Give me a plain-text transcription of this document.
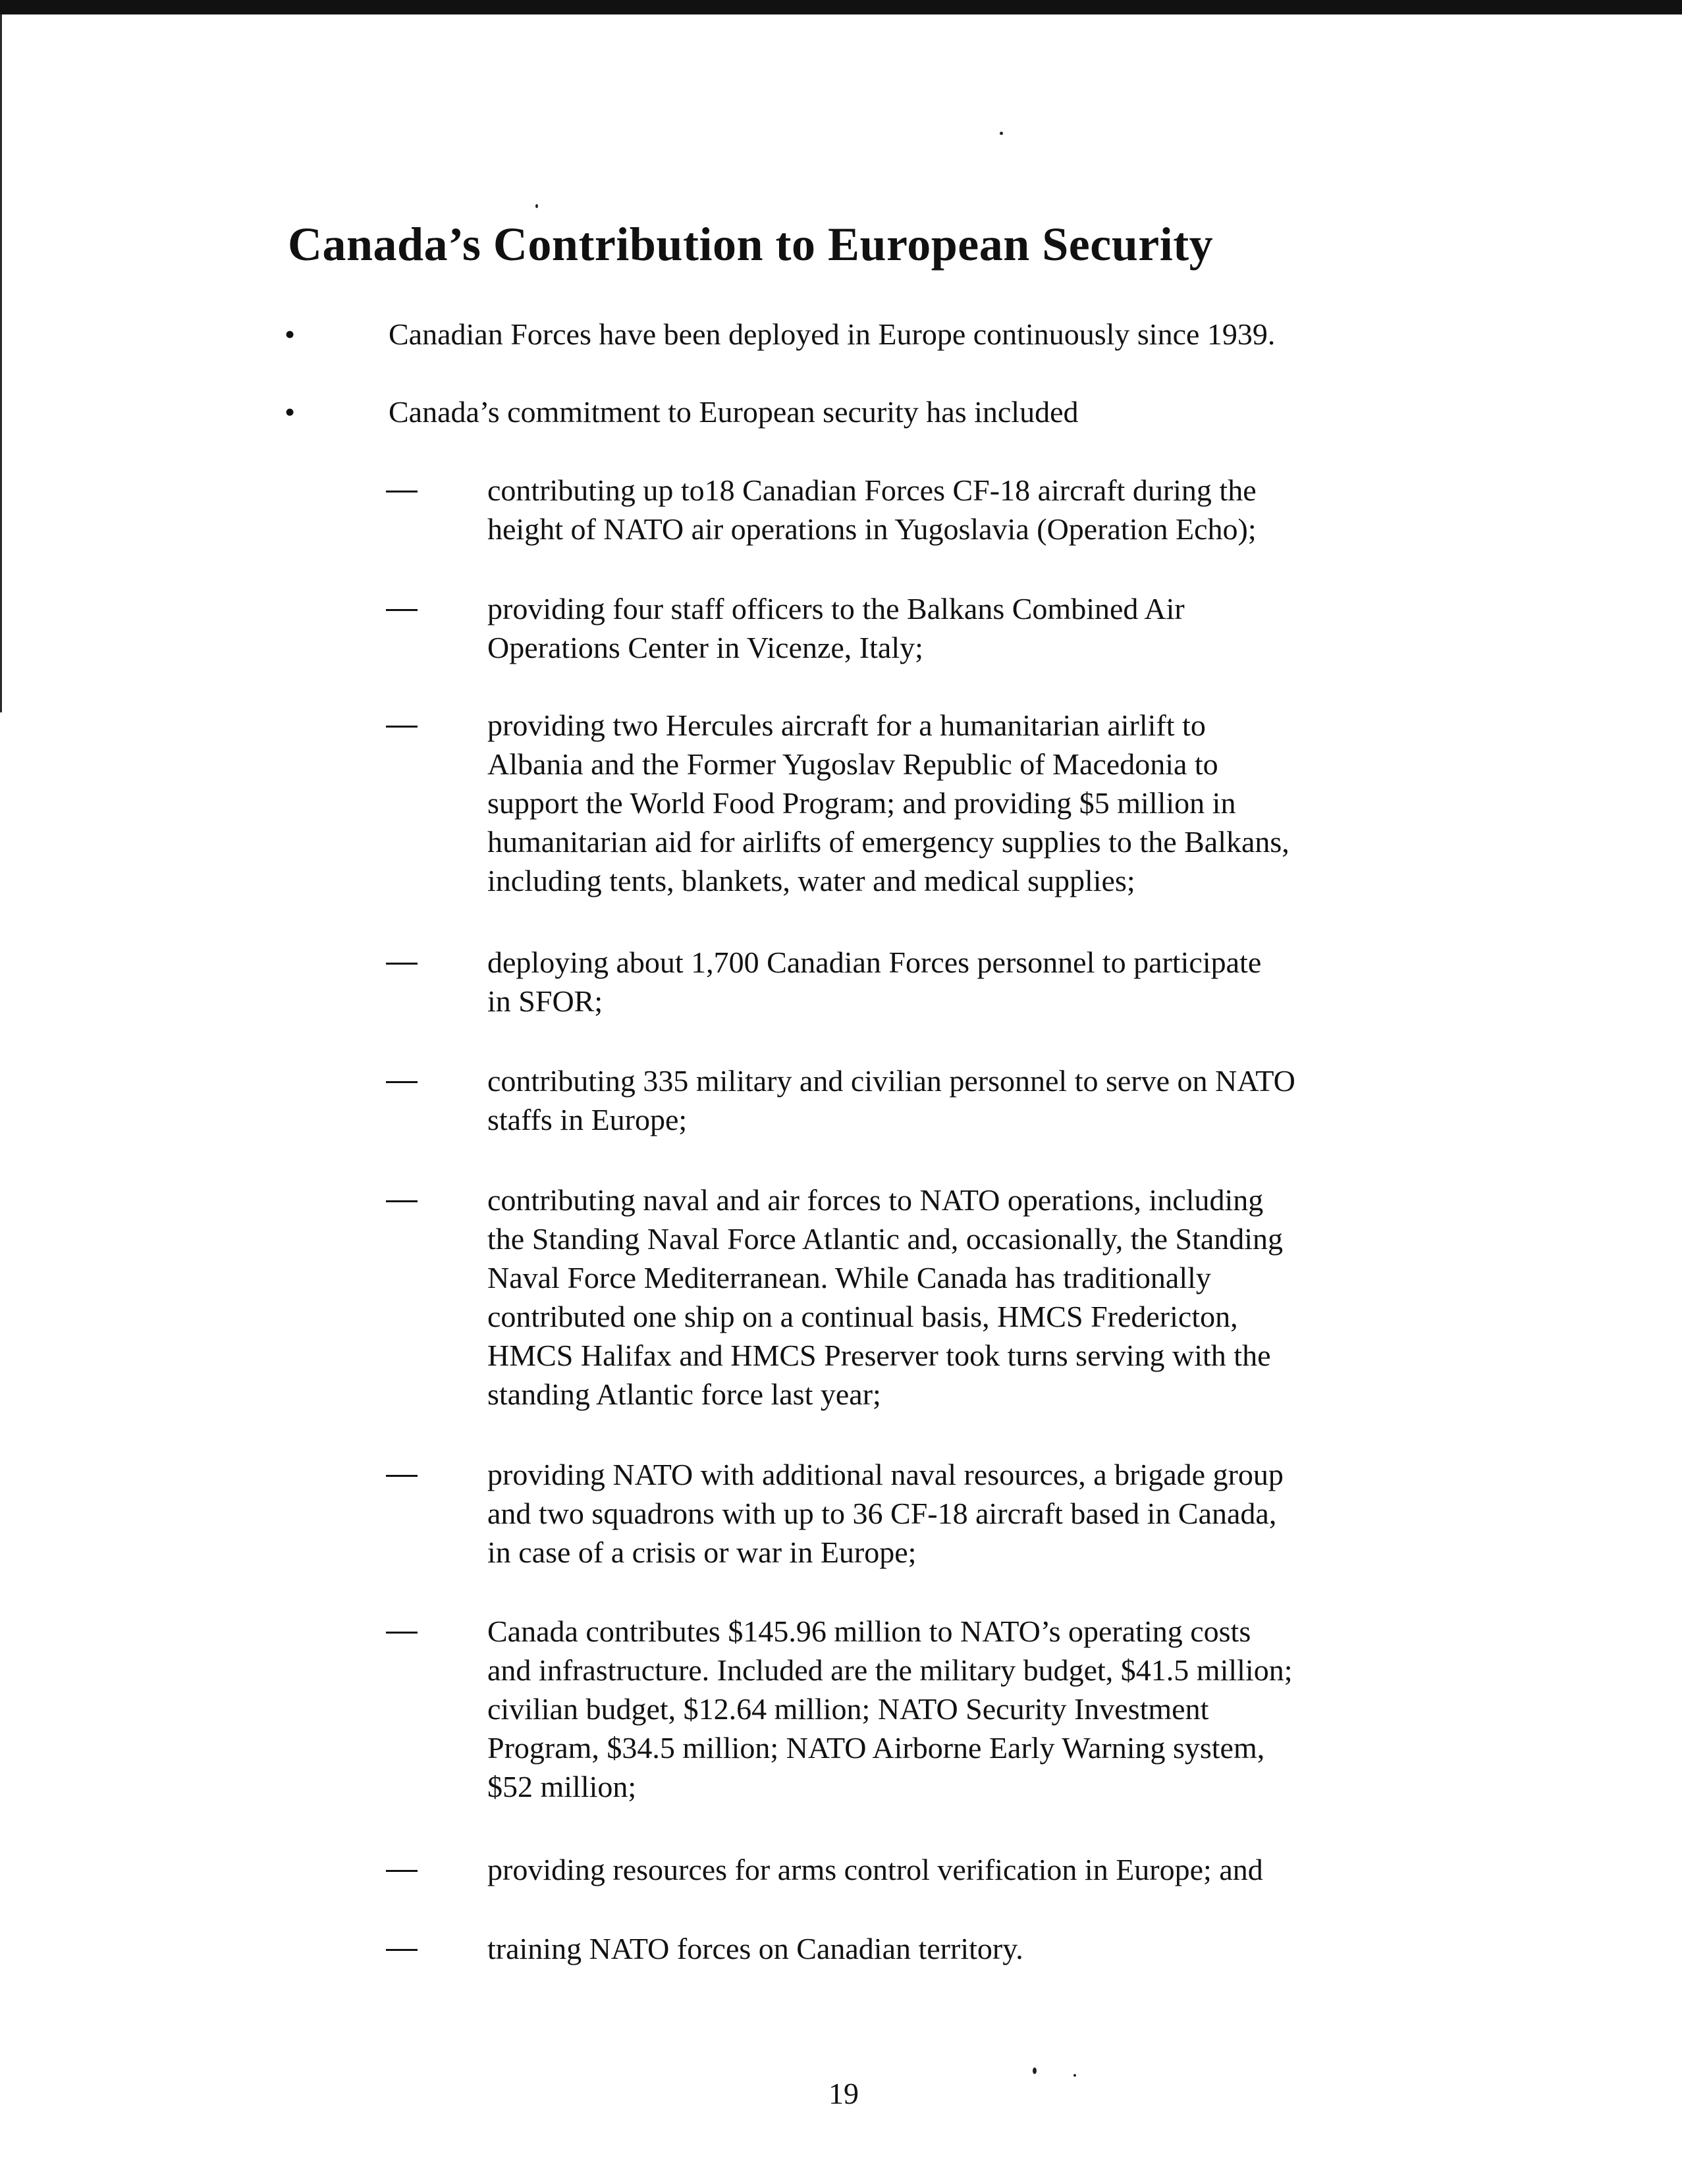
Canada’s Contribution to European Security
•	Canadian Forces have been deployed in Europe continuously since 1939.
•	Canada’s commitment to European security has included
contributing up to18 Canadian Forces CF-18 aircraft during the
height of NATO air operations in Yugoslavia (Operation Echo);
providing four staff officers to the Balkans Combined Air
Operations Center in Vicenze, Italy;
providing two Hercules aircraft for a humanitarian airlift to
Albania and the Former Yugoslav Republic of Macedonia to
support the World Food Program; and providing $5 million in
humanitarian aid for airlifts of emergency supplies to the Balkans,
including tents, blankets, water and medical supplies;
deploying about 1,700 Canadian Forces personnel to participate
in SFOR;
contributing 335 military and civilian personnel to serve on NATO
staffs in Europe;
contributing naval and air forces to NATO operations, including
the Standing Naval Force Atlantic and, occasionally, the Standing
Naval Force Mediterranean. While Canada has traditionally
contributed one ship on a continual basis, HMCS Fredericton,
HMCS Halifax and HMCS Preserver took turns serving with the
standing Atlantic force last year;
providing NATO with additional naval resources, a brigade group
and two squadrons with up to 36 CF-18 aircraft based in Canada,
in case of a crisis or war in Europe;
Canada contributes $145.96 million to NATO’s operating costs
and infrastructure. Included are the military budget, $41.5 million;
civilian budget, $12.64 million; NATO Security Investment
Program, $34.5 million; NATO Airborne Early Warning system,
$52 million;
providing resources for arms control verification in Europe; and
training NATO forces on Canadian territory.
19
